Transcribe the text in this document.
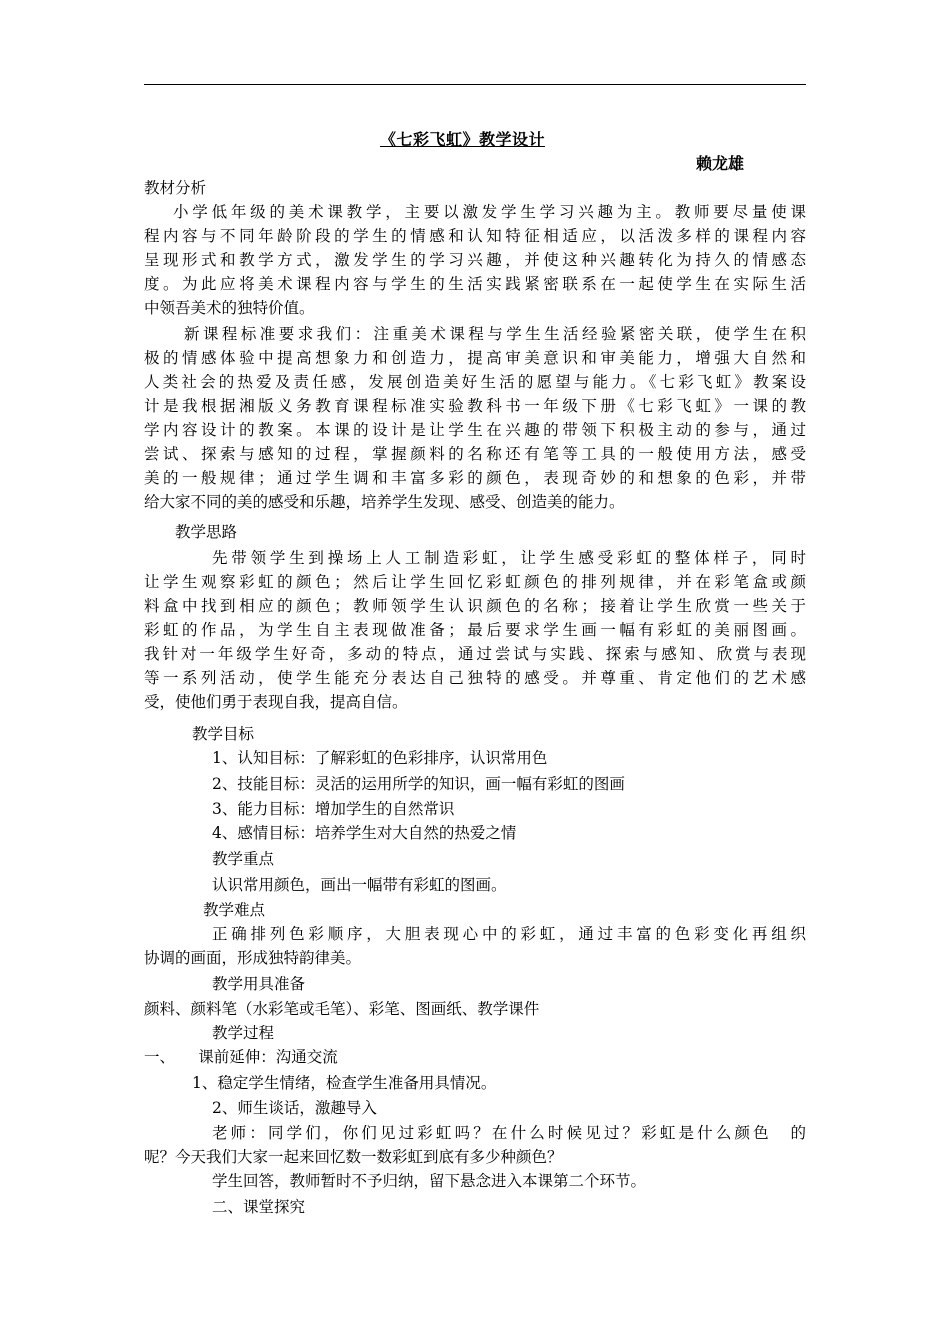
《七彩飞虹》教学设计
赖龙雄
教材分析
小学低年级的美术课教学，主要以激发学生学习兴趣为主。教师要尽量使课
程内容与不同年龄阶段的学生的情感和认知特征相适应，以活泼多样的课程内容
呈现形式和教学方式，激发学生的学习兴趣，并使这种兴趣转化为持久的情感态
度。为此应将美术课程内容与学生的生活实践紧密联系在一起使学生在实际生活
中领吾美术的独特价值。
新课程标准要求我们：注重美术课程与学生生活经验紧密关联，使学生在积
极的情感体验中提高想象力和创造力，提高审美意识和审美能力，增强大自然和
人类社会的热爱及责任感，发展创造美好生活的愿望与能力。《七彩飞虹》教案设
计是我根据湘版义务教育课程标准实验教科书一年级下册《七彩飞虹》一课的教
学内容设计的教案。本课的设计是让学生在兴趣的带领下积极主动的参与，通过
尝试、探索与感知的过程，掌握颜料的名称还有笔等工具的一般使用方法，感受
美的一般规律；通过学生调和丰富多彩的颜色，表现奇妙的和想象的色彩，并带
给大家不同的美的感受和乐趣，培养学生发现、感受、创造美的能力。
教学思路
先带领学生到操场上人工制造彩虹，让学生感受彩虹的整体样子，同时
让学生观察彩虹的颜色；然后让学生回忆彩虹颜色的排列规律，并在彩笔盒或颜
料盒中找到相应的颜色；教师领学生认识颜色的名称；接着让学生欣赏一些关于
彩虹的作品，为学生自主表现做准备；最后要求学生画一幅有彩虹的美丽图画。
我针对一年级学生好奇，多动的特点，通过尝试与实践、探索与感知、欣赏与表现
等一系列活动，使学生能充分表达自己独特的感受。并尊重、肯定他们的艺术感
受，使他们勇于表现自我，提高自信。
教学目标
1、认知目标：了解彩虹的色彩排序，认识常用色
2、技能目标：灵活的运用所学的知识，画一幅有彩虹的图画
3、能力目标：增加学生的自然常识
4、感情目标：培养学生对大自然的热爱之情
教学重点
认识常用颜色，画出一幅带有彩虹的图画。
教学难点
正确排列色彩顺序，大胆表现心中的彩虹，通过丰富的色彩变化再组织
协调的画面，形成独特韵律美。
教学用具准备
颜料、颜料笔（水彩笔或毛笔）、彩笔、图画纸、教学课件
教学过程
一、　　课前延伸：沟通交流
1、稳定学生情绪，检查学生准备用具情况。
2、师生谈话，激趣导入
老师：同学们，你们见过彩虹吗？在什么时候见过？彩虹是什么颜色　的
呢？今天我们大家一起来回忆数一数彩虹到底有多少种颜色？
学生回答，教师暂时不予归纳，留下悬念进入本课第二个环节。
二、课堂探究
